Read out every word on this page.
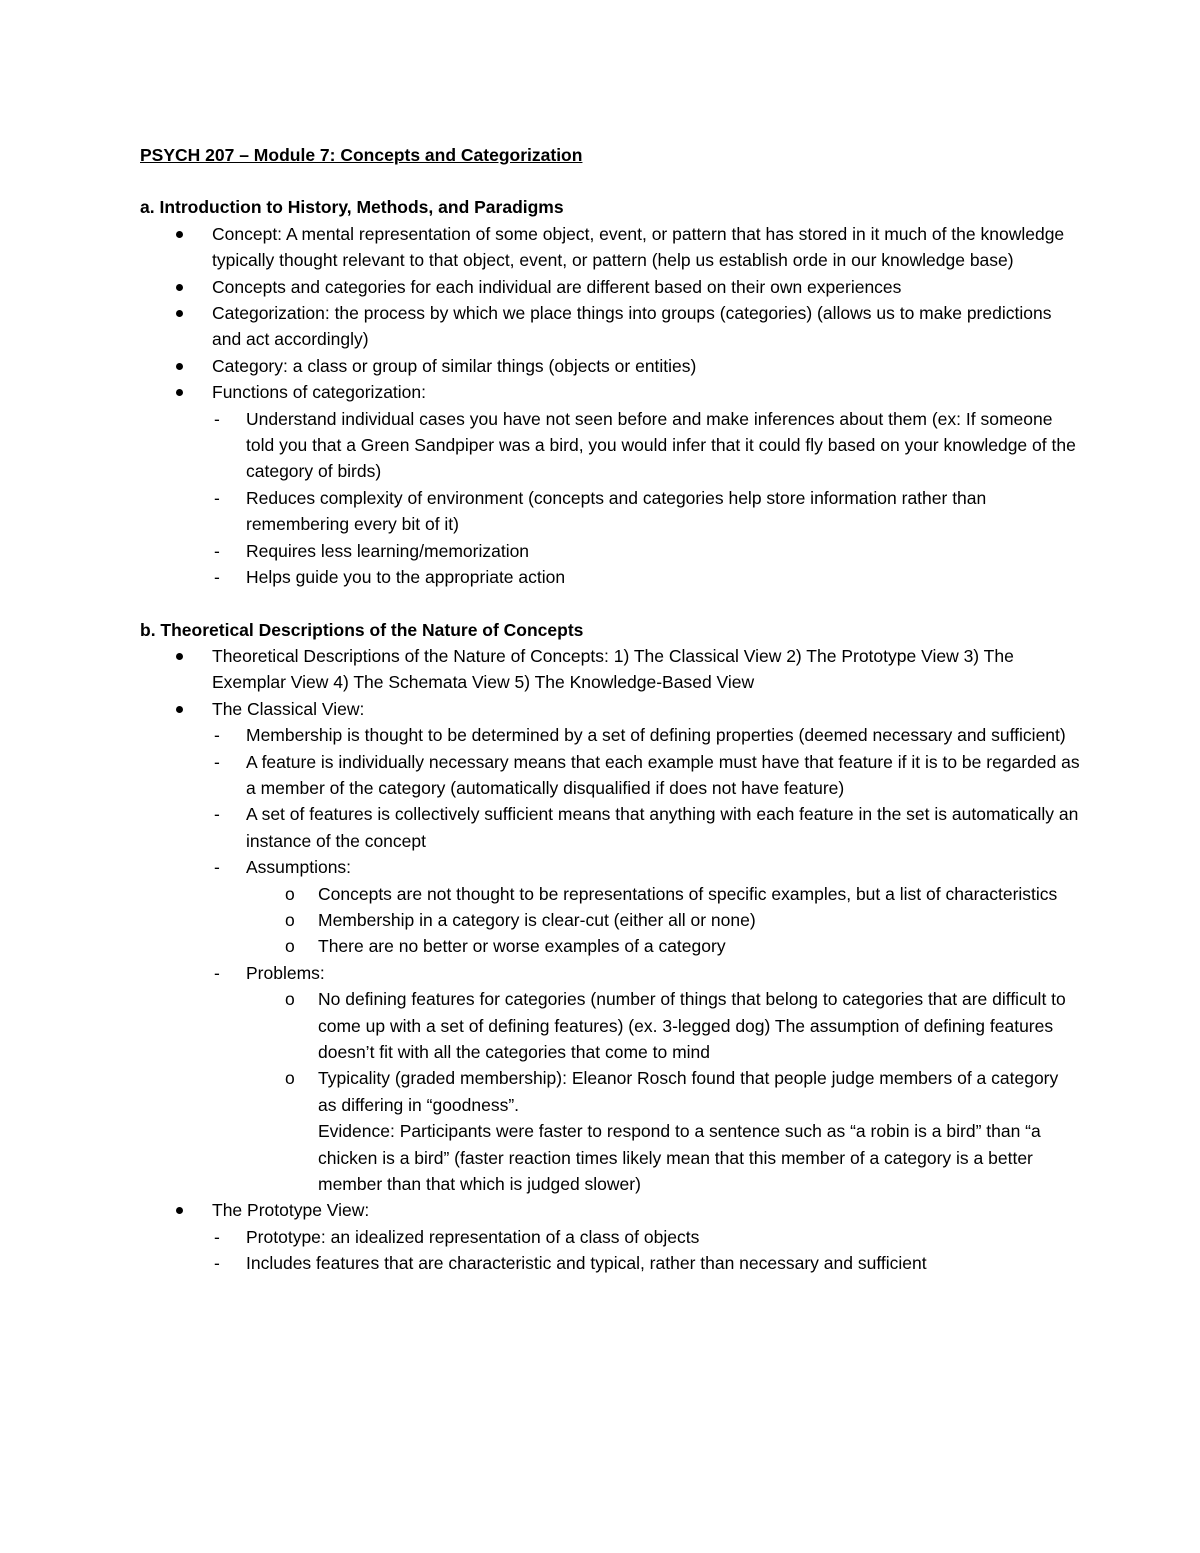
PSYCH 207 – Module 7: Concepts and Categorization
a. Introduction to History, Methods, and Paradigms
Concept: A mental representation of some object, event, or pattern that has stored in it much of the knowledge typically thought relevant to that object, event, or pattern (help us establish orde in our knowledge base)
Concepts and categories for each individual are different based on their own experiences
Categorization: the process by which we place things into groups (categories) (allows us to make predictions and act accordingly)
Category: a class or group of similar things (objects or entities)
Functions of categorization:
- Understand individual cases you have not seen before and make inferences about them (ex: If someone told you that a Green Sandpiper was a bird, you would infer that it could fly based on your knowledge of the category of birds)
- Reduces complexity of environment (concepts and categories help store information rather than remembering every bit of it)
- Requires less learning/memorization
- Helps guide you to the appropriate action
b. Theoretical Descriptions of the Nature of Concepts
Theoretical Descriptions of the Nature of Concepts: 1) The Classical View 2) The Prototype View 3) The Exemplar View 4) The Schemata View 5) The Knowledge-Based View
The Classical View:
- Membership is thought to be determined by a set of defining properties (deemed necessary and sufficient)
- A feature is individually necessary means that each example must have that feature if it is to be regarded as a member of the category (automatically disqualified if does not have feature)
- A set of features is collectively sufficient means that anything with each feature in the set is automatically an instance of the concept
- Assumptions:
o Concepts are not thought to be representations of specific examples, but a list of characteristics
o Membership in a category is clear-cut (either all or none)
o There are no better or worse examples of a category
- Problems:
o No defining features for categories (number of things that belong to categories that are difficult to come up with a set of defining features) (ex. 3-legged dog) The assumption of defining features doesn’t fit with all the categories that come to mind
o Typicality (graded membership): Eleanor Rosch found that people judge members of a category as differing in “goodness”.
Evidence: Participants were faster to respond to a sentence such as “a robin is a bird” than “a chicken is a bird” (faster reaction times likely mean that this member of a category is a better member than that which is judged slower)
The Prototype View:
- Prototype: an idealized representation of a class of objects
- Includes features that are characteristic and typical, rather than necessary and sufficient
